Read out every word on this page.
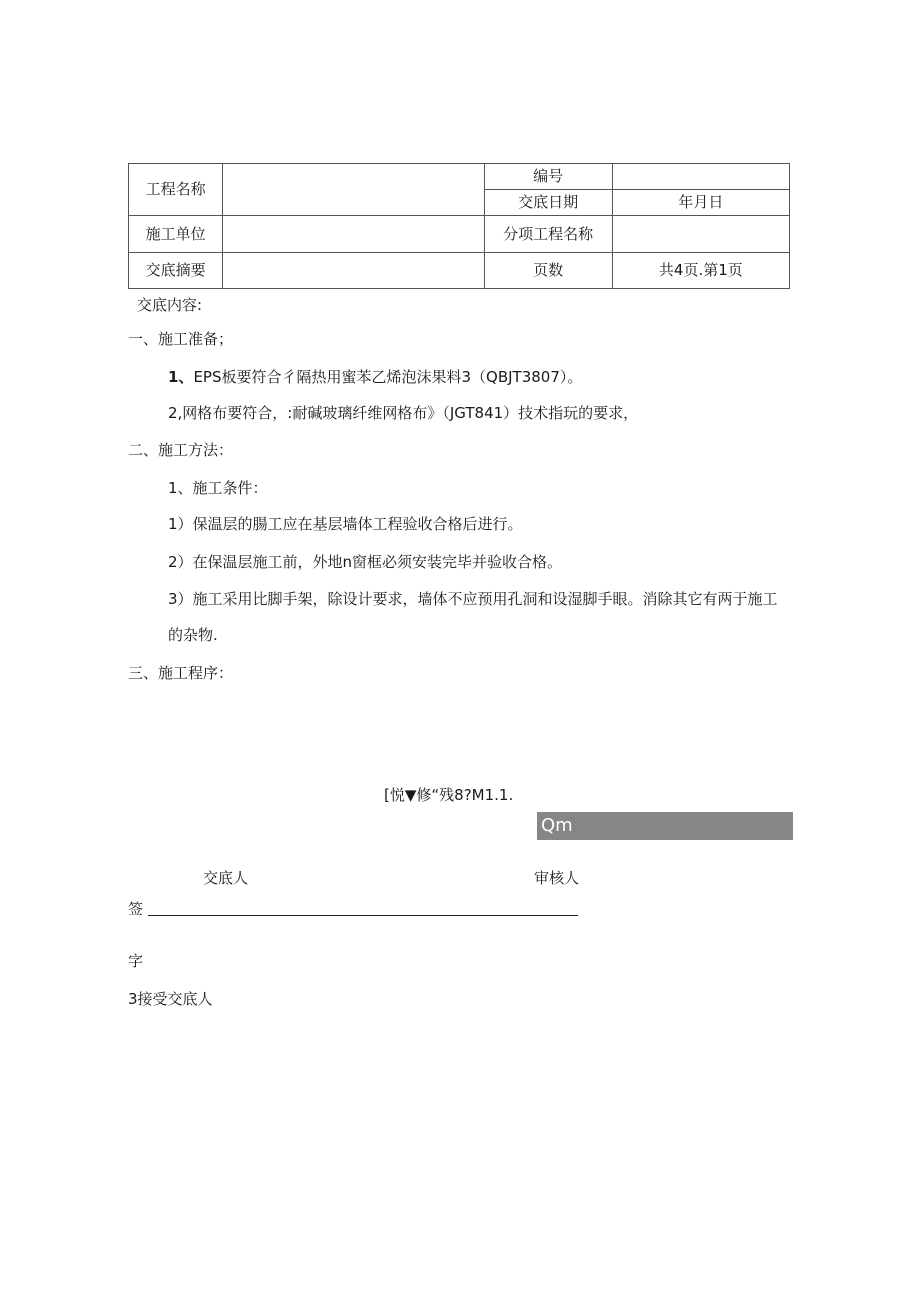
工程名称		编号	
		交底日期	年月日
施工单位		分项工程名称	
交底摘要		页数	共4页.第1页
交底内容:
一、施工准备；
1、EPS板要符合彳隔热用蜜苯乙烯泡沫果料3（QBJT3807）。
2,网格布要符合，:耐碱玻璃纤维网格布》（JGT841）技术指玩的要求，
二、施工方法：
1、施工条件：
1）保温层的腸工应在基层墙体工程验收合格后进行。
2）在保温层施工前，外地n窗框必须安装完毕并验收合格。
3）施工采用比脚手架，除设计要求，墙体不应预用孔洞和设湿脚手眼。消除其它有两于施工
的杂物.
三、施工程序：
[悦▼修“残8?M1.1.
Qm
交底人	审核人
签
字
3接受交底人
